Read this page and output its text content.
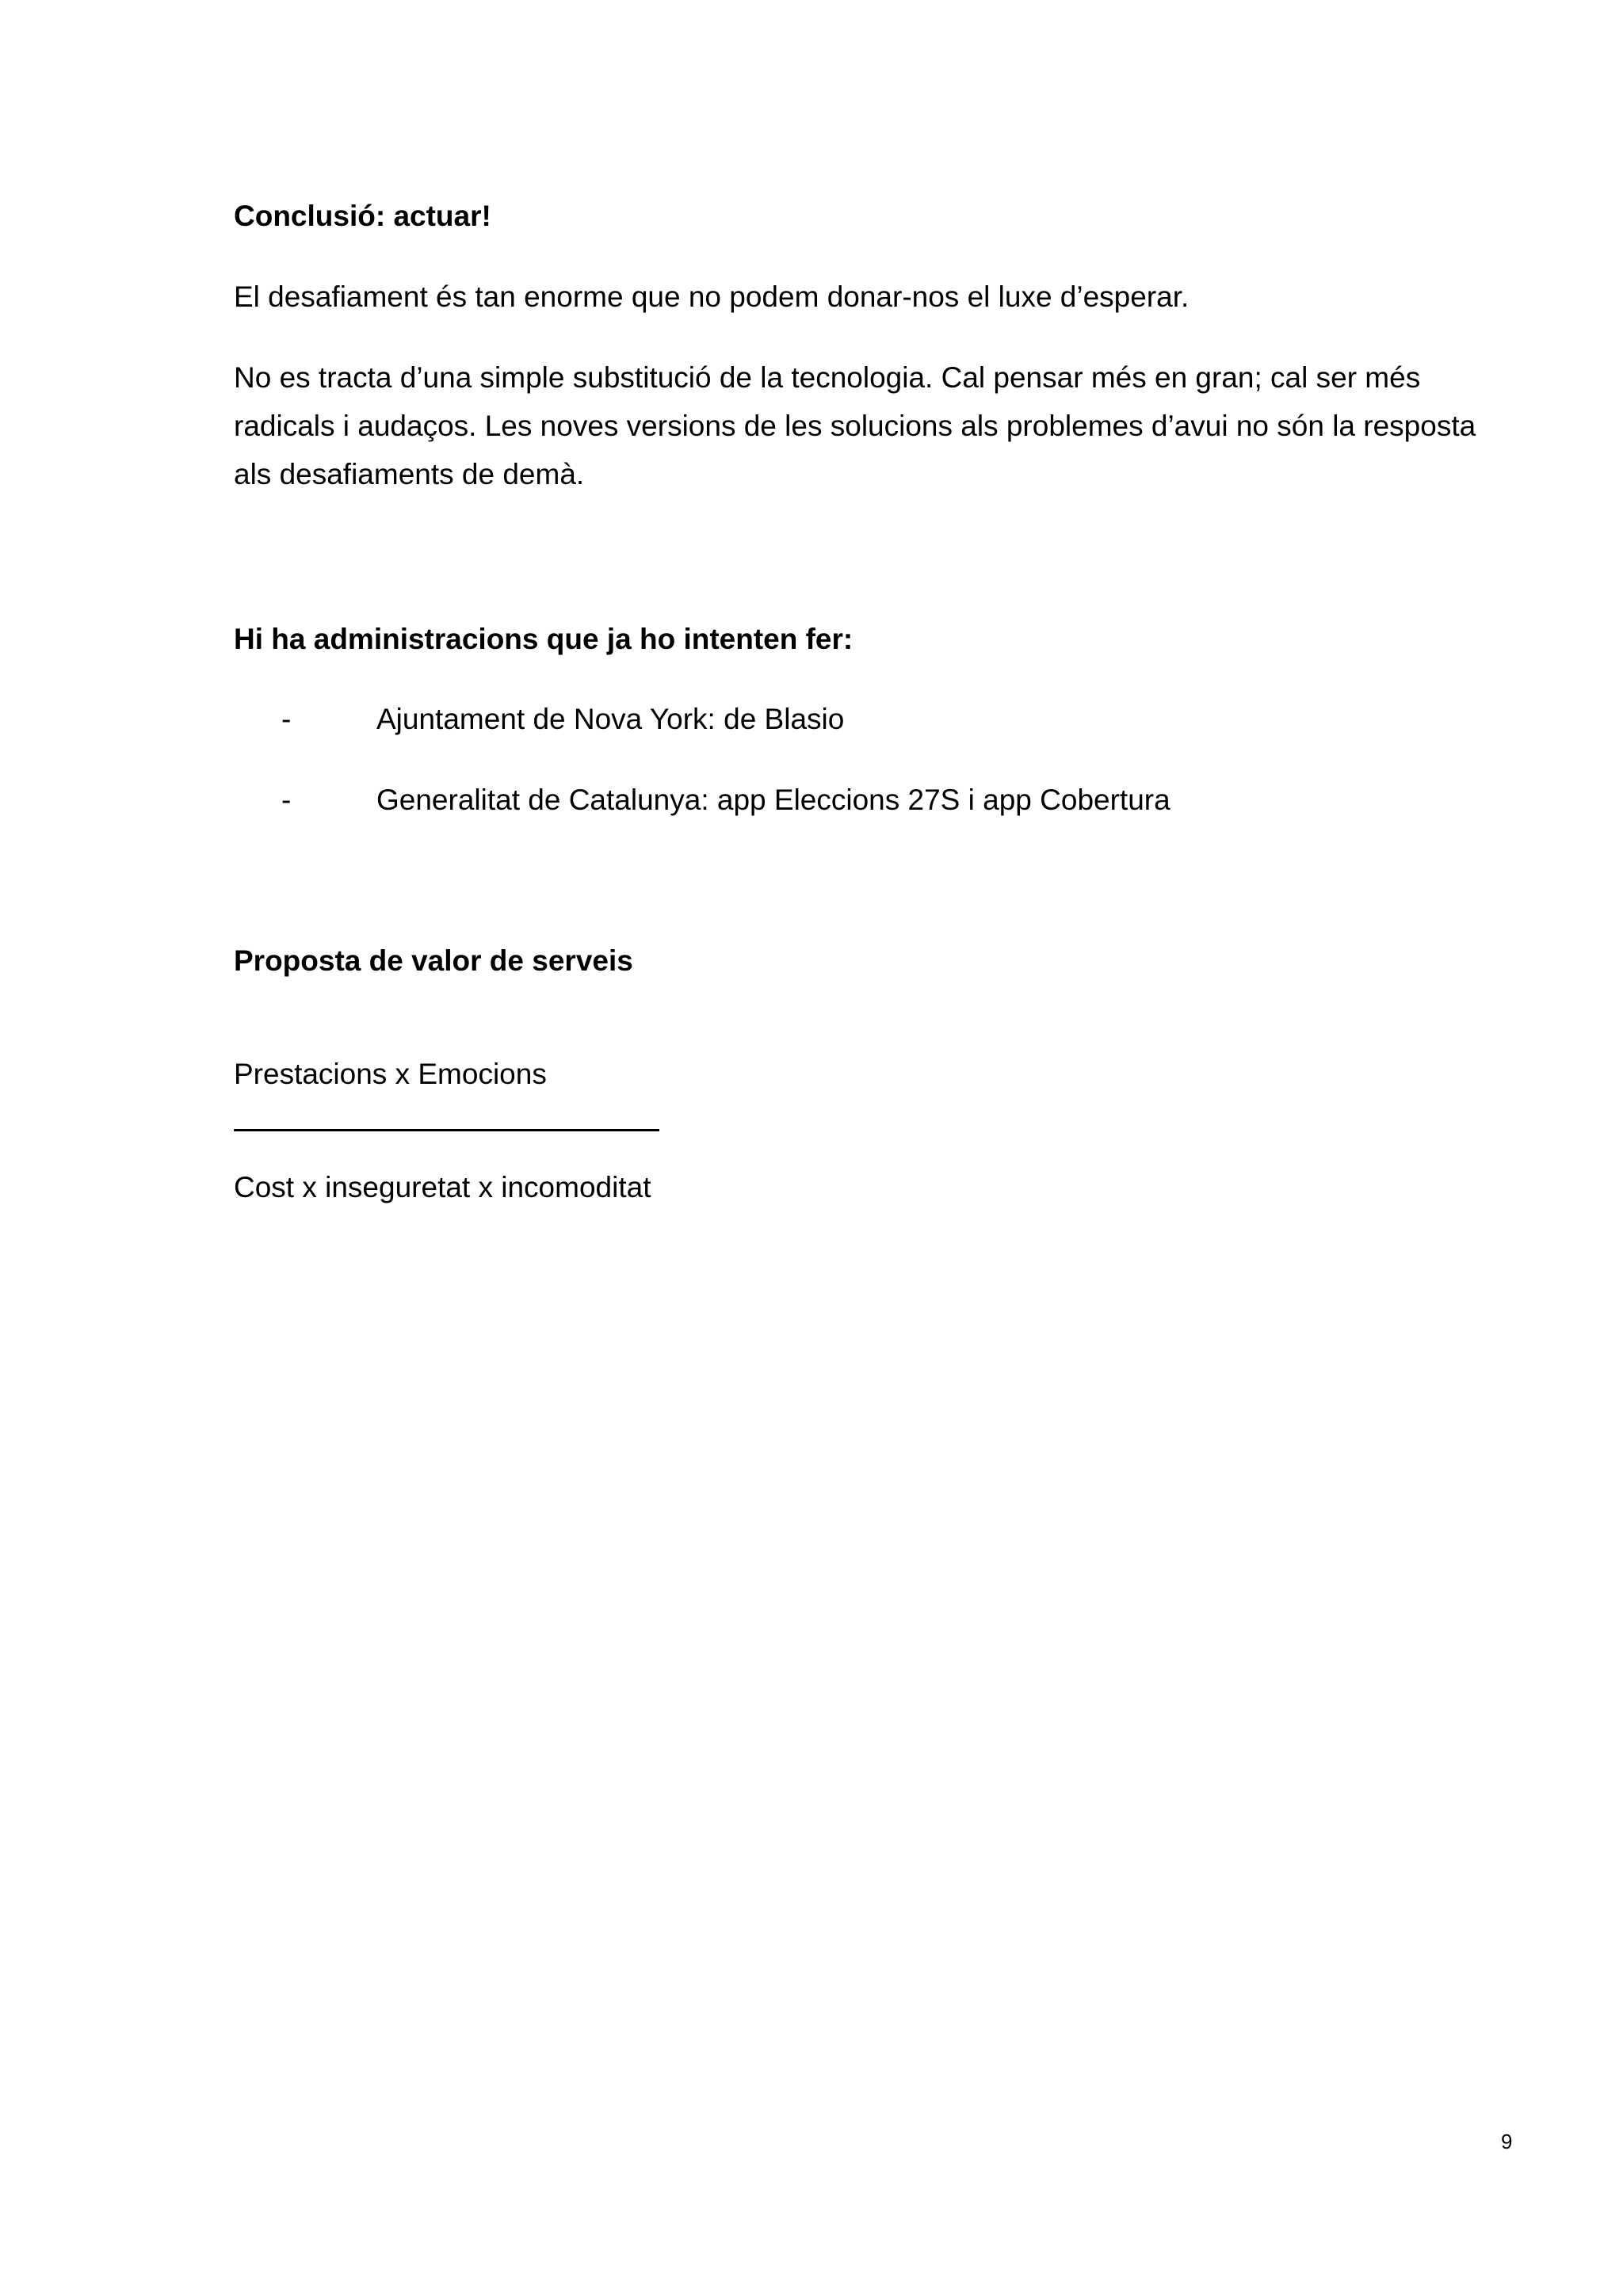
Conclusió: actuar!
El desafiament és tan enorme que no podem donar-nos el luxe d’esperar.
No es tracta d’una simple substitució de la tecnologia. Cal pensar més en gran; cal ser més
radicals i audaços. Les noves versions de les solucions als problemes d’avui no són la resposta
als desafiaments de demà.
Hi ha administracions que ja ho intenten fer:
-	Ajuntament de Nova York: de Blasio
-	Generalitat de Catalunya: app Eleccions 27S i app Cobertura
Proposta de valor de serveis
Prestacions x Emocions
Cost x inseguretat x incomoditat
9
